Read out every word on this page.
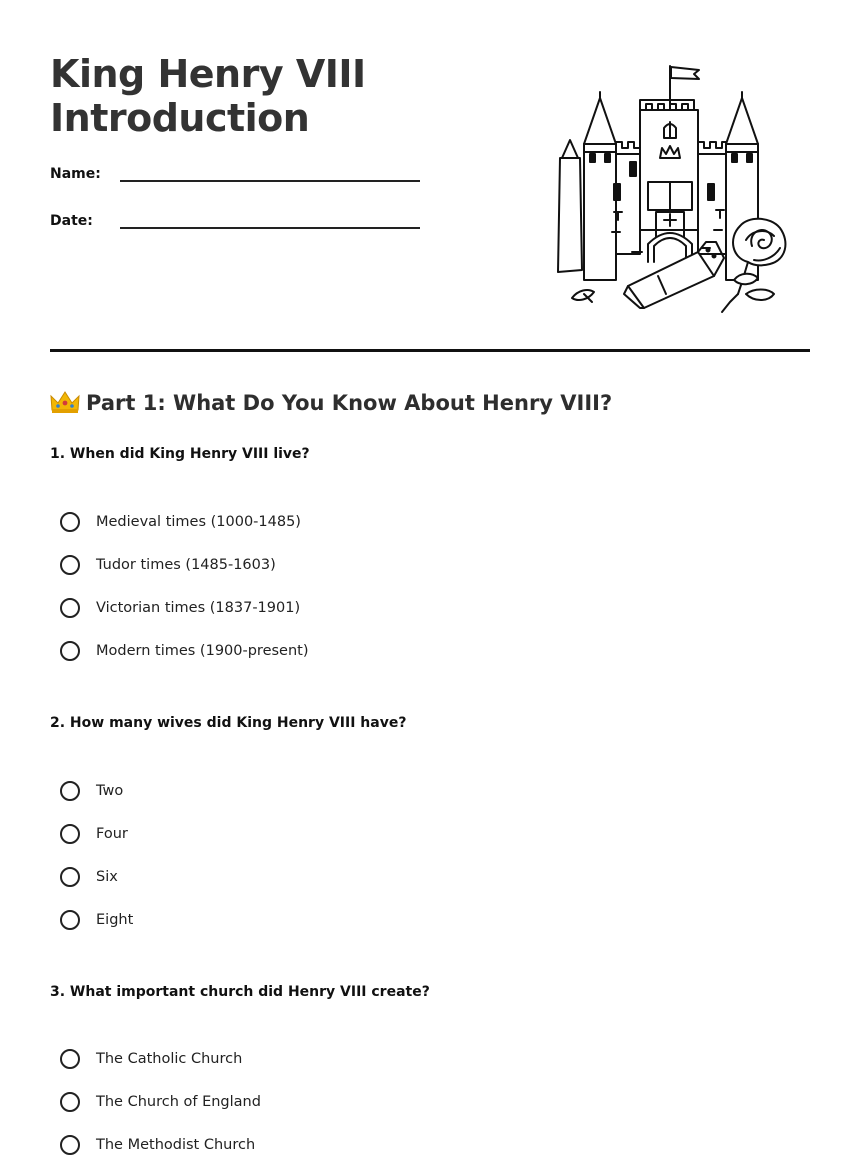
King Henry VIII
Introduction
Name:
Date:
Part 1: What Do You Know About Henry VIII?

1. When did King Henry VIII live?

Medieval times (1000-1485)
Tudor times (1485-1603)
Victorian times (1837-1901)
Modern times (1900-present)

2. How many wives did King Henry VIII have?

Two
Four
Six
Eight

3. What important church did Henry VIII create?

The Catholic Church
The Church of England
The Methodist Church
